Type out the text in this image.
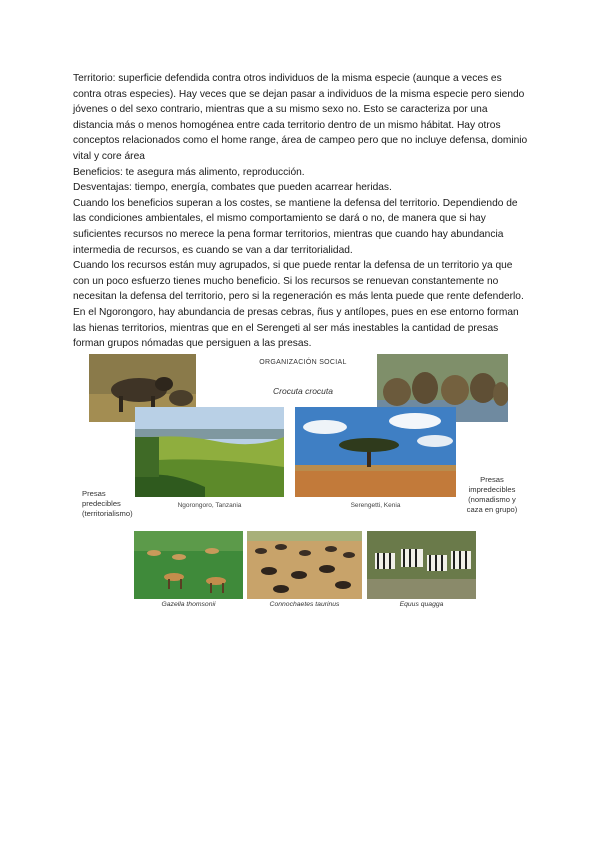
Territorio: superficie defendida contra otros individuos de la misma especie (aunque a veces es contra otras especies). Hay veces que se dejan pasar a individuos de la misma especie pero siendo jóvenes o del sexo contrario, mientras que a su mismo sexo no. Esto se caracteriza por una distancia más o menos homogénea entre cada territorio dentro de un mismo hábitat. Hay otros conceptos relacionados como el home range, área de campeo pero que no incluye defensa, dominio vital y core área

Beneficios: te asegura más alimento, reproducción.

Desventajas: tiempo, energía, combates que pueden acarrear heridas.

Cuando los beneficios superan a los costes, se mantiene la defensa del territorio. Dependiendo de las condiciones ambientales, el mismo comportamiento se dará o no, de manera que si hay suficientes recursos no merece la pena formar territorios, mientras que cuando hay abundancia intermedia de recursos, es cuando se van a dar territorialidad.

Cuando los recursos están muy agrupados, si que puede rentar la defensa de un territorio ya que con un poco esfuerzo tienes mucho beneficio. Si los recursos se renuevan constantemente no necesitan la defensa del territorio, pero si la regeneración es más lenta puede que rente defenderlo. En el Ngorongoro, hay abundancia de presas cebras, ñus y antílopes, pues en ese entorno forman las hienas territorios, mientras que en el Serengeti al ser más inestables la cantidad de presas forman grupos nómadas que persiguen a las presas.

ORGANIZACIÓN SOCIAL
Crocuta crocuta
Ngorongoro, Tanzania	Serengetti, Kenia
Presas
predecibles
(territorialismo)
Presas
impredecibles
(nomadismo y
caza en grupo)
Gazella thomsonii	Connochaetes taurinus	Equus quagga
